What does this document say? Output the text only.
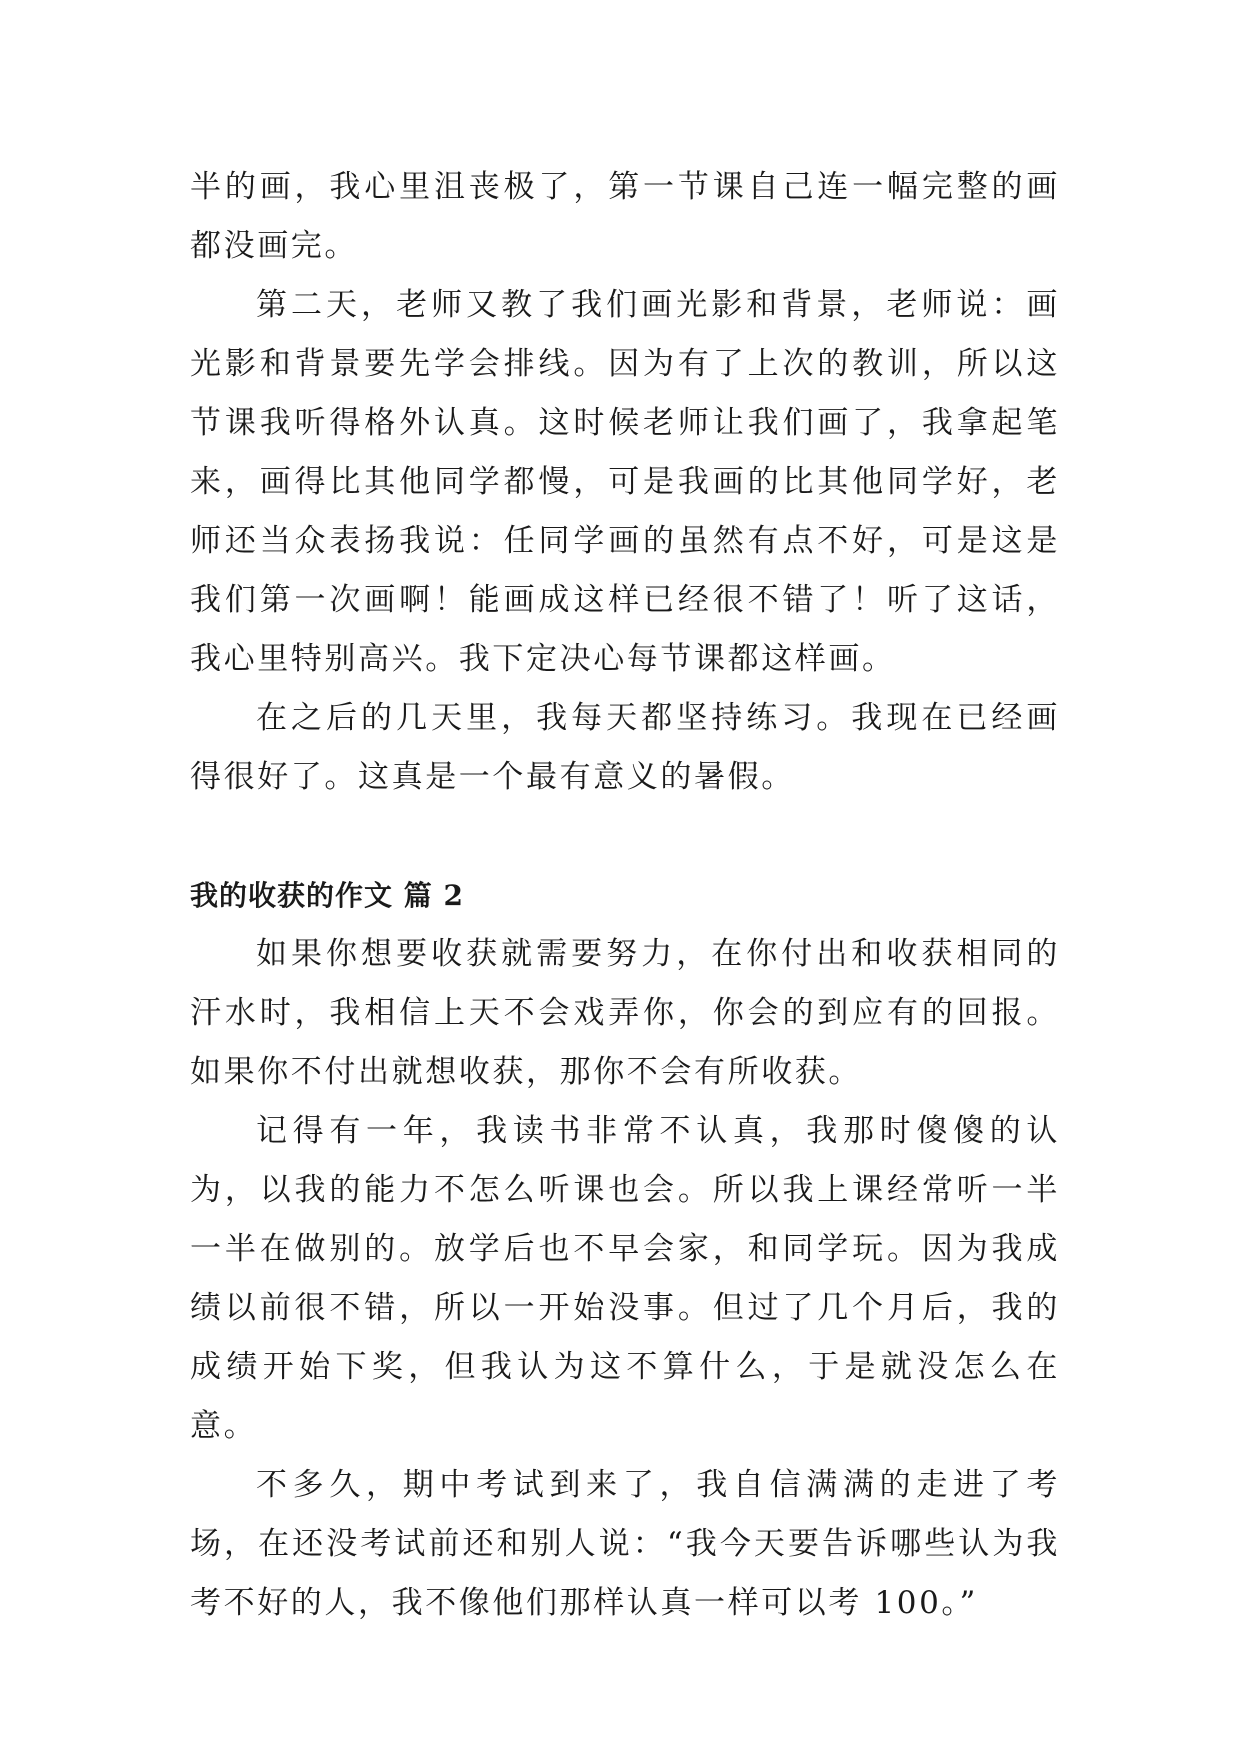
半的画，我心里沮丧极了，第一节课自己连一幅完整的画都没画完。

第二天，老师又教了我们画光影和背景，老师说：画光影和背景要先学会排线。因为有了上次的教训，所以这节课我听得格外认真。这时候老师让我们画了，我拿起笔来，画得比其他同学都慢，可是我画的比其他同学好，老师还当众表扬我说：任同学画的虽然有点不好，可是这是我们第一次画啊！能画成这样已经很不错了！听了这话，我心里特别高兴。我下定决心每节课都这样画。

在之后的几天里，我每天都坚持练习。我现在已经画得很好了。这真是一个最有意义的暑假。

我的收获的作文 篇 2

如果你想要收获就需要努力，在你付出和收获相同的汗水时，我相信上天不会戏弄你，你会的到应有的回报。如果你不付出就想收获，那你不会有所收获。

记得有一年，我读书非常不认真，我那时傻傻的认为，以我的能力不怎么听课也会。所以我上课经常听一半一半在做别的。放学后也不早会家，和同学玩。因为我成绩以前很不错，所以一开始没事。但过了几个月后，我的成绩开始下奖，但我认为这不算什么，于是就没怎么在意。

不多久，期中考试到来了，我自信满满的走进了考场，在还没考试前还和别人说：“我今天要告诉哪些认为我考不好的人，我不像他们那样认真一样可以考 100。”
